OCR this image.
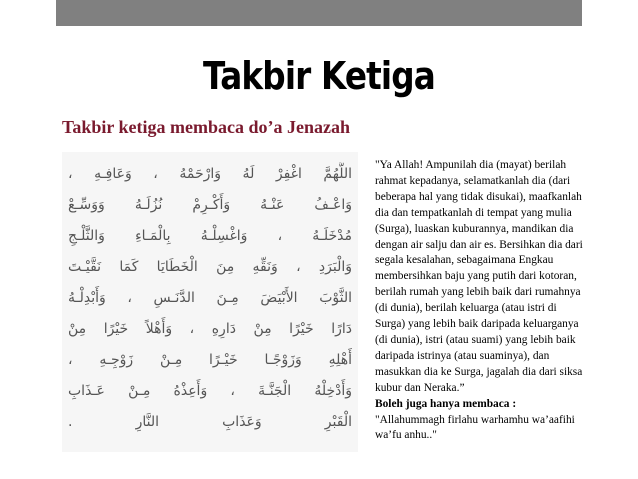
Takbir Ketiga
Takbir ketiga membaca do’a Jenazah
اللَّهُمَّ اغْفِرْ لَهُ وَارْحَمْهُ ، وَعَافِـهِ ،
وَاعْـفُ عَنْـهُ وَأَكْـرِمْ نُزُلَـهُ وَوَسِّـعْ
مُدْخَلَـهُ ، وَاغْسِلْـهُ بِالْمَـاءِ وَالثَّلْـجِ
وَالْبَرَدِ ، وَنَقِّهِ مِنَ الْخَطَايَا كَمَا نَقَّيْـتَ
الثَّوْبَ الأَبْيَضَ مِـنَ الدَّنَـسِ ، وَأَبْدِلْـهُ
دَارًا خَيْرًا مِنْ دَارِهِ ، وَأَهْلاً خَيْرًا مِنْ
أَهْلِهِ وَزَوْجًـا خَيْـرًا مِـنْ زَوْجِـهِ ،
وَأَدْخِلْهُ الْجَنَّـةَ ، وَأَعِذْهُ مِـنْ عَـذَابِ
الْقَبْرِ وَعَذَابِ النَّارِ .

"Ya Allah! Ampunilah dia (mayat) berilah

rahmat kepadanya, selamatkanlah dia (dari

beberapa hal yang tidak disukai), maafkanlah

dia dan tempatkanlah di tempat yang mulia

(Surga), luaskan kuburannya, mandikan dia

dengan air salju dan air es. Bersihkan dia dari

segala kesalahan, sebagaimana Engkau

membersihkan baju yang putih dari kotoran,

berilah rumah yang lebih baik dari rumahnya

(di dunia), berilah keluarga (atau istri di

Surga) yang lebih baik daripada keluarganya

(di dunia), istri (atau suami) yang lebih baik

daripada istrinya (atau suaminya), dan

masukkan dia ke Surga, jagalah dia dari siksa

kubur dan Neraka.”

Boleh juga hanya membaca :

"Allahummagh firlahu warhamhu wa’aafihi

wa’fu anhu.."
